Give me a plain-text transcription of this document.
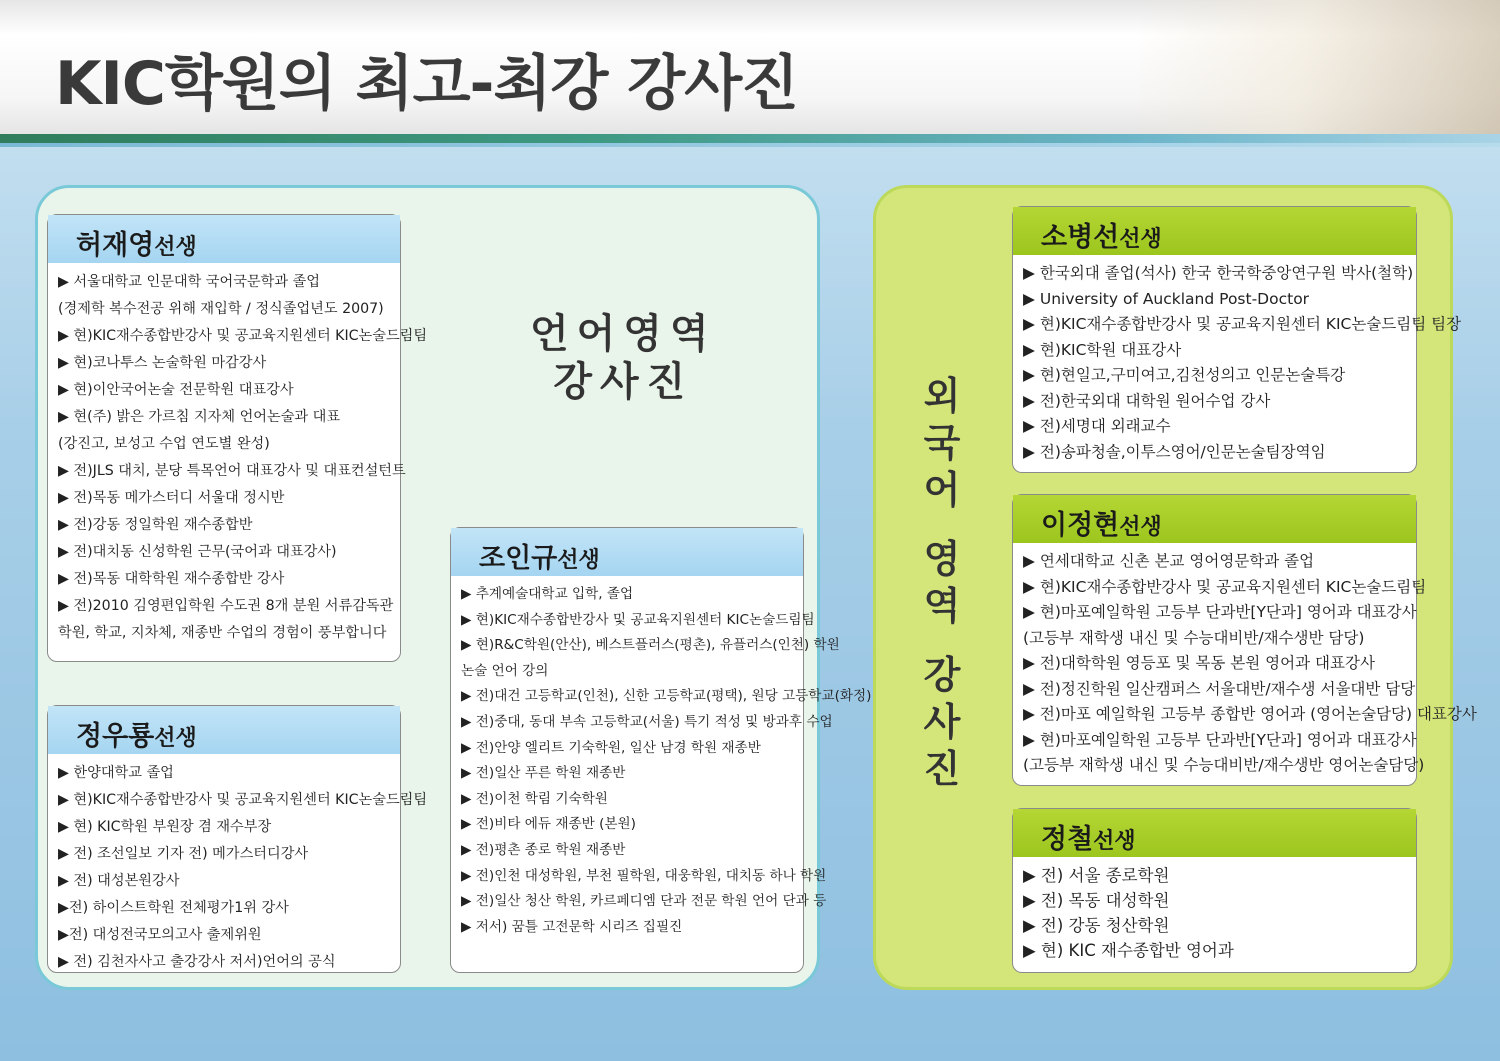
KIC학원의 최고-최강 강사진
언어영역
강사진	외
국
어

영
역

강
사
진
허재영선생
▶ 서울대학교 인문대학 국어국문학과 졸업
(경제학 복수전공 위해 재입학 / 정식졸업년도 2007)
▶ 현)KIC재수종합반강사 및 공교육지원센터 KIC논술드림팀
▶ 현)코나투스 논술학원 마감강사
▶ 현)이안국어논술 전문학원 대표강사
▶ 현(주) 밝은 가르침 지자체 언어논술과 대표
(강진고, 보성고 수업 연도별 완성)
▶ 전)JLS 대치, 분당 특목언어 대표강사 및 대표컨설턴트
▶ 전)목동 메가스터디 서울대 정시반
▶ 전)강동 정일학원 재수종합반
▶ 전)대치동 신성학원 근무(국어과 대표강사)
▶ 전)목동 대학학원 재수종합반 강사
▶ 전)2010 김영편입학원 수도권 8개 분원 서류감독관
학원, 학교, 지차체, 재종반 수업의 경험이 풍부합니다
정우룡선생
▶ 한양대학교 졸업
▶ 현)KIC재수종합반강사 및 공교육지원센터 KIC논술드림팀
▶ 현) KIC학원 부원장 겸 재수부장
▶ 전) 조선일보 기자 전) 메가스터디강사
▶ 전) 대성본원강사
▶전) 하이스트학원 전체평가1위 강사
▶전) 대성전국모의고사 출제위원
▶ 전) 김천자사고 출강강사 저서)언어의 공식
조인규선생
▶ 추계예술대학교 입학, 졸업
▶ 현)KIC재수종합반강사 및 공교육지원센터 KIC논술드림팀
▶ 현)R&C학원(안산), 베스트플러스(평촌), 유플러스(인천) 학원
논술 언어 강의
▶ 전)대건 고등학교(인천), 신한 고등학교(평택), 원당 고등학교(화정)
▶ 전)중대, 동대 부속 고등학교(서울) 특기 적성 및 방과후 수업
▶ 전)안양 엘리트 기숙학원, 일산 남경 학원 재종반
▶ 전)일산 푸른 학원 재종반
▶ 전)이천 학림 기숙학원
▶ 전)비타 에듀 재종반 (본원)
▶ 전)평촌 종로 학원 재종반
▶ 전)인천 대성학원, 부천 필학원, 대웅학원, 대치동 하나 학원
▶ 전)일산 청산 학원, 카르페디엠 단과 전문 학원 언어 단과 등
▶ 저서) 꿈틀 고전문학 시리즈 집필진
소병선선생
▶ 한국외대 졸업(석사) 한국 한국학중앙연구원 박사(철학)
▶ University of Auckland Post-Doctor
▶ 현)KIC재수종합반강사 및 공교육지원센터 KIC논술드림팀 팀장
▶ 현)KIC학원 대표강사
▶ 현)현일고,구미여고,김천성의고 인문논술특강
▶ 전)한국외대 대학원 원어수업 강사
▶ 전)세명대 외래교수
▶ 전)송파청솔,이투스영어/인문논술팀장역임
이정현선생
▶ 연세대학교 신촌 본교 영어영문학과 졸업
▶ 현)KIC재수종합반강사 및 공교육지원센터 KIC논술드림팀
▶ 현)마포예일학원 고등부 단과반[Y단과] 영어과 대표강사
(고등부 재학생 내신 및 수능대비반/재수생반 담당)
▶ 전)대학학원 영등포 및 목동 본원 영어과 대표강사
▶ 전)정진학원 일산캠퍼스 서울대반/재수생 서울대반 담당
▶ 전)마포 예일학원 고등부 종합반 영어과 (영어논술담당) 대표강사
▶ 현)마포예일학원 고등부 단과반[Y단과] 영어과 대표강사
(고등부 재학생 내신 및 수능대비반/재수생반 영어논술담당)
정철선생
▶ 전) 서울 종로학원
▶ 전) 목동 대성학원
▶ 전) 강동 청산학원
▶ 현) KIC 재수종합반 영어과
